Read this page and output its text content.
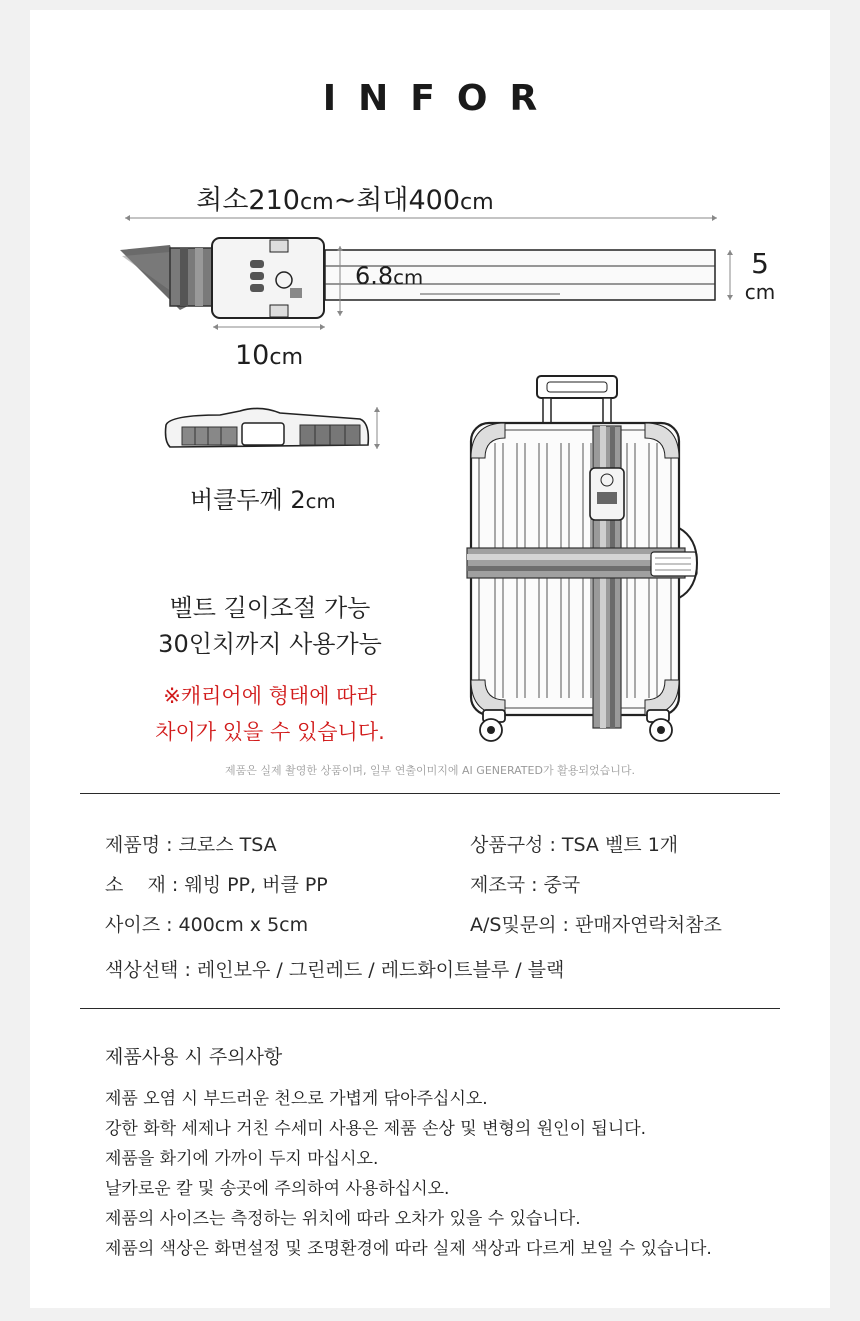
INFOR
최소210cm~최대400cm
6.8cm	5
cm
10cm
버클두께 2cm
벨트 길이조절 가능
30인치까지 사용가능
※캐리어에 형태에 따라
차이가 있을 수 있습니다.
제품은 실제 촬영한 상품이며, 일부 연출이미지에 AI GENERATED가 활용되었습니다.
제품명 : 크로스 TSA	상품구성 : TSA 벨트 1개
소    재 : 웨빙 PP, 버클 PP	제조국 : 중국
사이즈 : 400cm x 5cm	A/S및문의 : 판매자연락처참조
색상선택 : 레인보우 / 그린레드 / 레드화이트블루 / 블랙
제품사용 시 주의사항
제품 오염 시 부드러운 천으로 가볍게 닦아주십시오.
강한 화학 세제나 거친 수세미 사용은 제품 손상 및 변형의 원인이 됩니다.
제품을 화기에 가까이 두지 마십시오.
날카로운 칼 및 송곳에 주의하여 사용하십시오.
제품의 사이즈는 측정하는 위치에 따라 오차가 있을 수 있습니다.
제품의 색상은 화면설정 및 조명환경에 따라 실제 색상과 다르게 보일 수 있습니다.
